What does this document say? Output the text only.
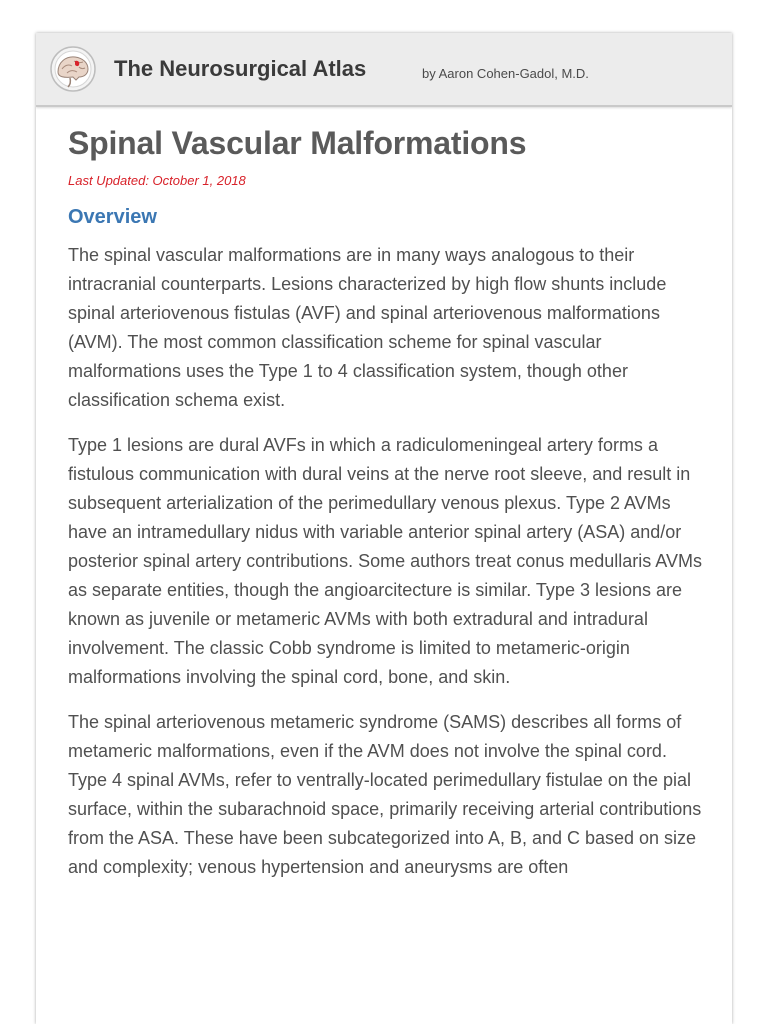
The Neurosurgical Atlas	by Aaron Cohen-Gadol, M.D.
Spinal Vascular Malformations

Last Updated: October 1, 2018

Overview

The spinal vascular malformations are in many ways analogous to their intracranial counterparts. Lesions characterized by high flow shunts include spinal arteriovenous fistulas (AVF) and spinal arteriovenous malformations (AVM). The most common classification scheme for spinal vascular malformations uses the Type 1 to 4 classification system, though other classification schema exist.

Type 1 lesions are dural AVFs in which a radiculomeningeal artery forms a fistulous communication with dural veins at the nerve root sleeve, and result in subsequent arterialization of the perimedullary venous plexus. Type 2 AVMs have an intramedullary nidus with variable anterior spinal artery (ASA) and/or posterior spinal artery contributions. Some authors treat conus medullaris AVMs as separate entities, though the angioarcitecture is similar. Type 3 lesions are known as juvenile or metameric AVMs with both extradural and intradural involvement. The classic Cobb syndrome is limited to metameric-origin malformations involving the spinal cord, bone, and skin.

The spinal arteriovenous metameric syndrome (SAMS) describes all forms of metameric malformations, even if the AVM does not involve the spinal cord. Type 4 spinal AVMs, refer to ventrally-located perimedullary fistulae on the pial surface, within the subarachnoid space, primarily receiving arterial contributions from the ASA. These have been subcategorized into A, B, and C based on size and complexity; venous hypertension and aneurysms are often
